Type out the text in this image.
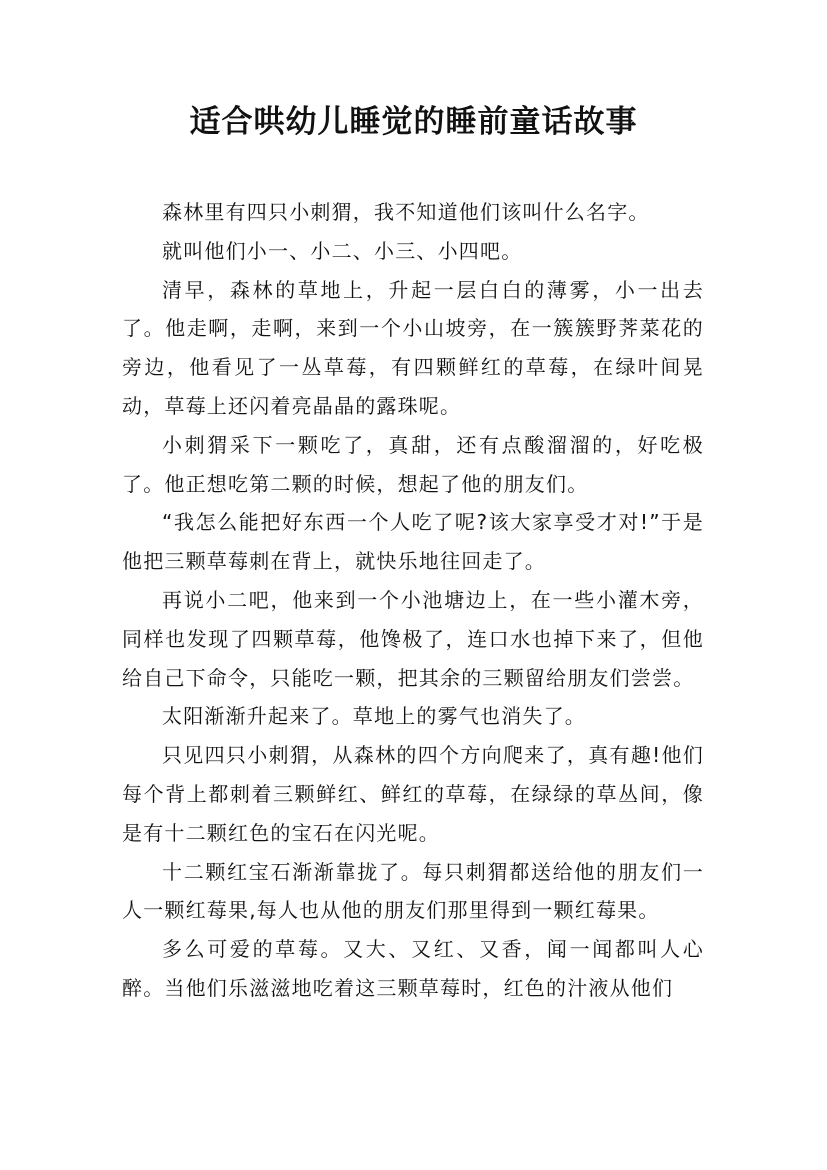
适合哄幼儿睡觉的睡前童话故事

森林里有四只小刺猬，我不知道他们该叫什么名字。

就叫他们小一、小二、小三、小四吧。

清早，森林的草地上，升起一层白白的薄雾，小一出去了。他走啊，走啊，来到一个小山坡旁，在一簇簇野荠菜花的旁边，他看见了一丛草莓，有四颗鲜红的草莓，在绿叶间晃动，草莓上还闪着亮晶晶的露珠呢。

小刺猬采下一颗吃了，真甜，还有点酸溜溜的，好吃极了。他正想吃第二颗的时候，想起了他的朋友们。

“我怎么能把好东西一个人吃了呢?该大家享受才对!”于是他把三颗草莓刺在背上，就快乐地往回走了。

再说小二吧，他来到一个小池塘边上，在一些小灌木旁，同样也发现了四颗草莓，他馋极了，连口水也掉下来了，但他给自己下命令，只能吃一颗，把其余的三颗留给朋友们尝尝。

太阳渐渐升起来了。草地上的雾气也消失了。

只见四只小刺猬，从森林的四个方向爬来了，真有趣!他们每个背上都刺着三颗鲜红、鲜红的草莓，在绿绿的草丛间，像是有十二颗红色的宝石在闪光呢。

十二颗红宝石渐渐靠拢了。每只刺猬都送给他的朋友们一人一颗红莓果,每人也从他的朋友们那里得到一颗红莓果。

多么可爱的草莓。又大、又红、又香，闻一闻都叫人心醉。当他们乐滋滋地吃着这三颗草莓时，红色的汁液从他们
